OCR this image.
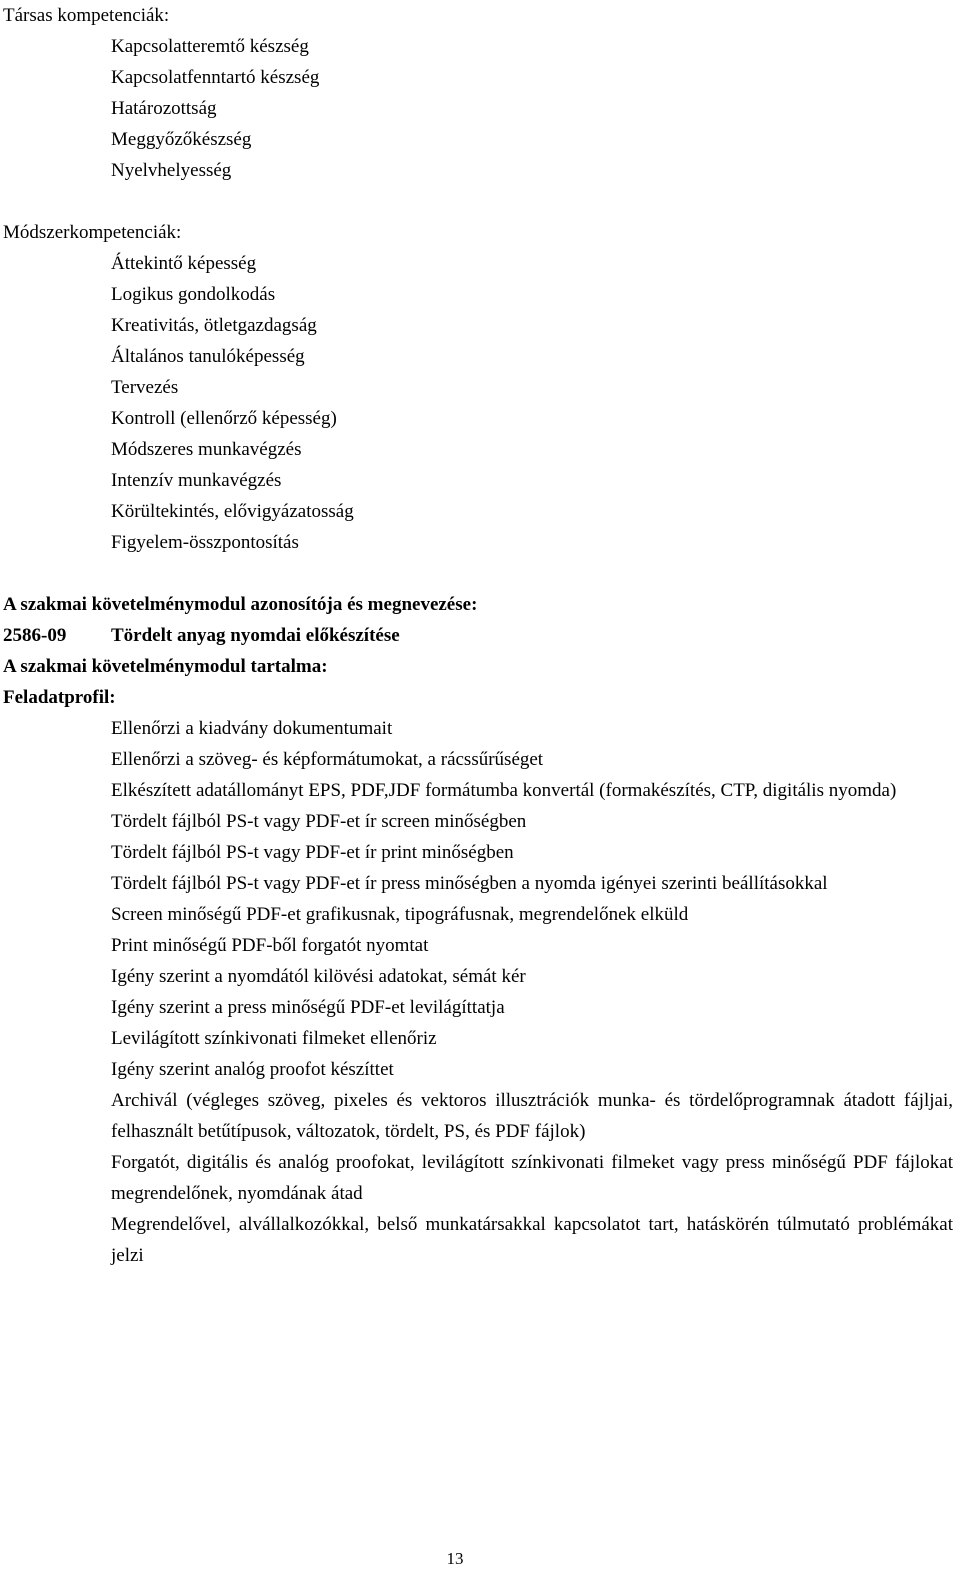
Társas kompetenciák:
Kapcsolatteremtő készség
Kapcsolatfenntartó készség
Határozottság
Meggyőzőkészség
Nyelvhelyesség
Módszerkompetenciák:
Áttekintő képesség
Logikus gondolkodás
Kreativitás, ötletgazdagság
Általános tanulóképesség
Tervezés
Kontroll (ellenőrző képesség)
Módszeres munkavégzés
Intenzív munkavégzés
Körültekintés, elővigyázatosság
Figyelem-összpontosítás
A szakmai követelménymodul azonosítója és megnevezése:
2586-09 Tördelt anyag nyomdai előkészítése
A szakmai követelménymodul tartalma:
Feladatprofil:
Ellenőrzi a kiadvány dokumentumait
Ellenőrzi a szöveg- és képformátumokat, a rácssűrűséget
Elkészített adatállományt EPS, PDF,JDF formátumba konvertál (formakészítés, CTP, digitális nyomda)
Tördelt fájlból PS-t vagy PDF-et ír screen minőségben
Tördelt fájlból PS-t vagy PDF-et ír print minőségben
Tördelt fájlból PS-t vagy PDF-et ír press minőségben a nyomda igényei szerinti beállításokkal
Screen minőségű PDF-et grafikusnak, tipográfusnak, megrendelőnek elküld
Print minőségű PDF-ből forgatót nyomtat
Igény szerint a nyomdától kilövési adatokat, sémát kér
Igény szerint a press minőségű PDF-et levilágíttatja
Levilágított színkivonati filmeket ellenőriz
Igény szerint analóg proofot készíttet
Archivál (végleges szöveg, pixeles és vektoros illusztrációk munka- és tördelőprogramnak átadott fájljai, felhasznált betűtípusok, változatok, tördelt, PS, és PDF fájlok)
Forgatót, digitális és analóg proofokat, levilágított színkivonati filmeket vagy press minőségű PDF fájlokat megrendelőnek, nyomdának átad
Megrendelővel, alvállalkozókkal, belső munkatársakkal kapcsolatot tart, hatáskörén túlmutató problémákat jelzi
13
